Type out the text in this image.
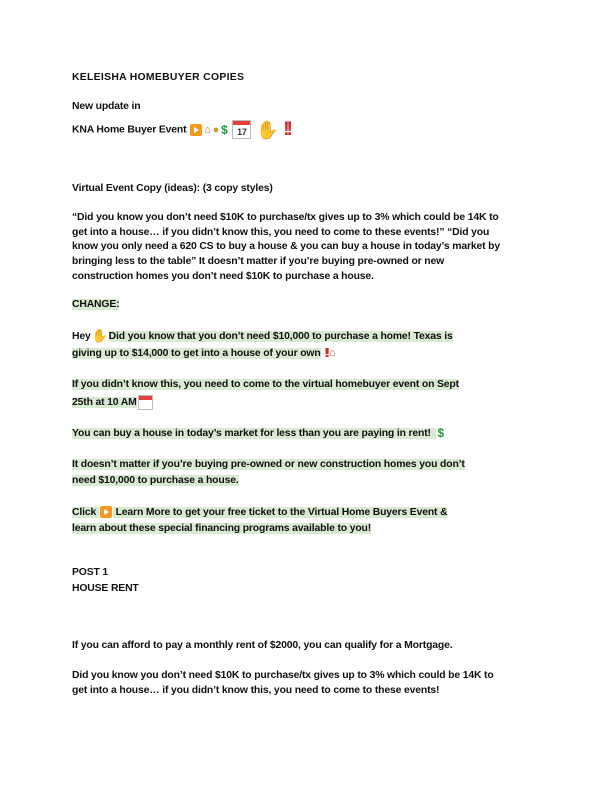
KELEISHA HOMEBUYER COPIES
New update in
KNA Home Buyer Event ⌂ ● $ 17 ✋ !!
Virtual Event Copy (ideas): (3 copy styles)
“Did you know you don’t need $10K to purchase/tx gives up to 3% which could be 14K to
get into a house… if you didn’t know this, you need to come to these events!” “Did you
know you only need a 620 CS to buy a house & you can buy a house in today’s market by
bringing less to the table” It doesn’t matter if you’re buying pre-owned or new
construction homes you don’t need $10K to purchase a house.
CHANGE:
Hey✋Did you know that you don’t need $10,000 to purchase a home! Texas is
giving up to $14,000 to get into a house of your own !! ⌂
If you didn’t know this, you need to come to the virtual homebuyer event on Sept
25th at 10 AM
You can buy a house in today’s market for less than you are paying in rent! $
It doesn’t matter if you’re buying pre-owned or new construction homes you don’t
need $10,000 to purchase a house.
Click Learn More to get your free ticket to the Virtual Home Buyers Event &
learn about these special financing programs available to you!
POST 1
HOUSE RENT
If you can afford to pay a monthly rent of $2000, you can qualify for a Mortgage.
Did you know you don’t need $10K to purchase/tx gives up to 3% which could be 14K to
get into a house… if you didn’t know this, you need to come to these events!
